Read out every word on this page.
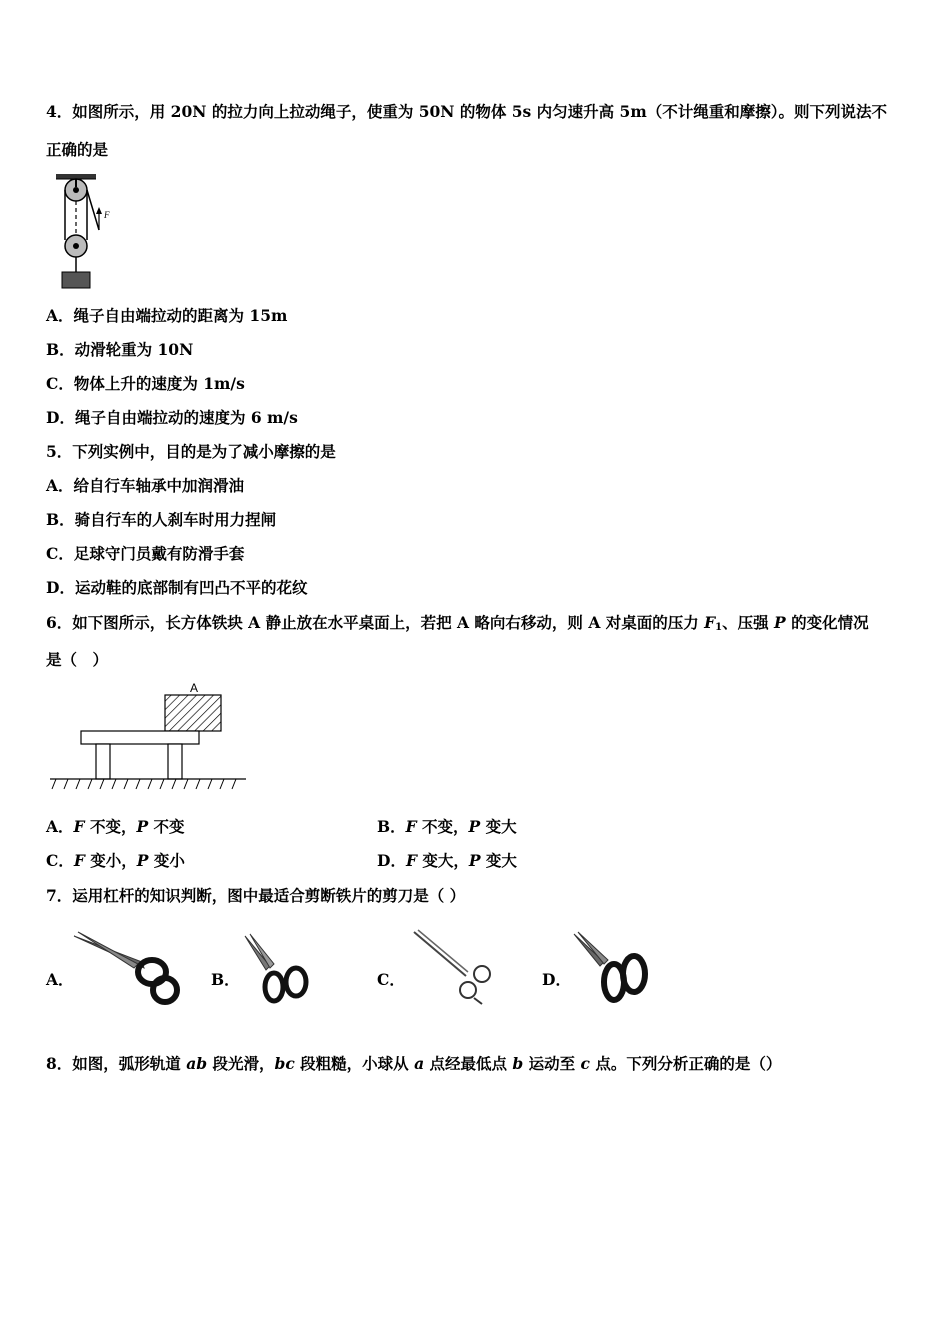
4．如图所示，用 20N 的拉力向上拉动绳子，使重为 50N 的物体 5s 内匀速升高 5m（不计绳重和摩擦）。则下列说法不
正确的是
F
A．绳子自由端拉动的距离为 15m
B．动滑轮重为 10N
C．物体上升的速度为 1m/s
D．绳子自由端拉动的速度为 6 m/s
5．下列实例中，目的是为了减小摩擦的是
A．给自行车轴承中加润滑油
B．骑自行车的人刹车时用力捏闸
C．足球守门员戴有防滑手套
D．运动鞋的底部制有凹凸不平的花纹
6．如下图所示，长方体铁块 A 静止放在水平桌面上，若把 A 略向右移动，则 A 对桌面的压力 $F_1$、压强 P 的变化情况
是（　）
A
A．F 不变，P 不变	B．F 不变，P 变大
C．F 变小，P 变小	D．F 变大，P 变大
7．运用杠杆的知识判断，图中最适合剪断铁片的剪刀是（ ）
A．	B．	C．	D．
8．如图，弧形轨道 ab 段光滑，bc 段粗糙，小球从 a 点经最低点 b 运动至 c 点。下列分析正确的是（）
